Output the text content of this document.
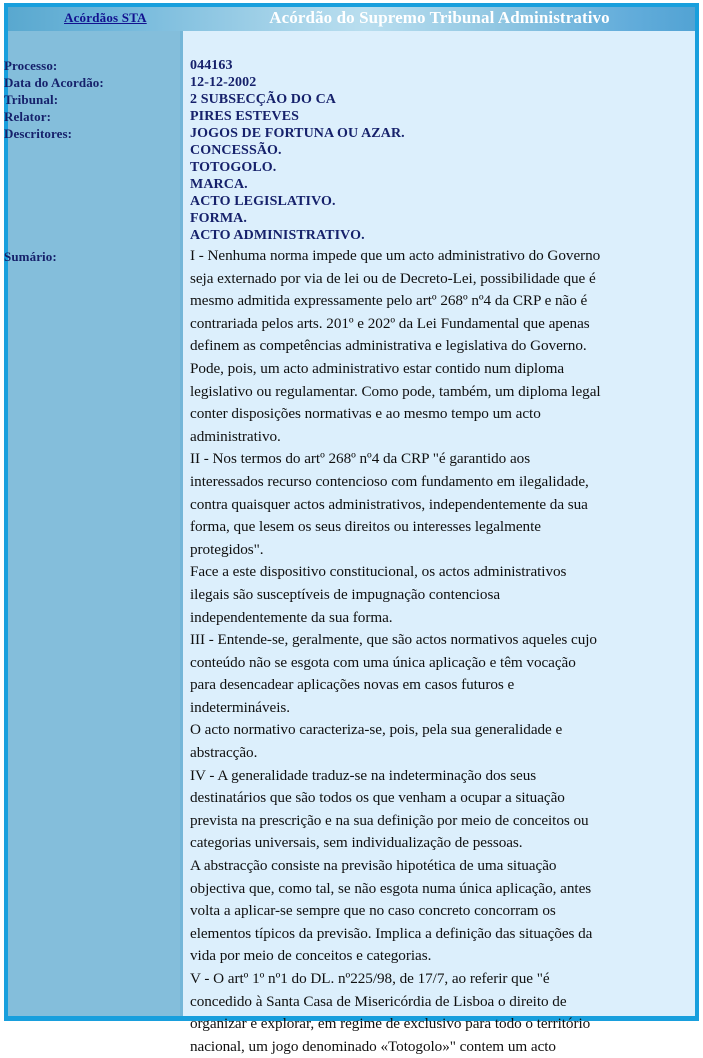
Acórdãos STA	Acórdão do Supremo Tribunal Administrativo
Processo:
Data do Acordão:
Tribunal:
Relator:
Descritores:
Sumário:
044163
12-12-2002
2 SUBSECÇÃO DO CA
PIRES ESTEVES
JOGOS DE FORTUNA OU AZAR.
CONCESSÃO.
TOTOGOLO.
MARCA.
ACTO LEGISLATIVO.
FORMA.
ACTO ADMINISTRATIVO.
I - Nenhuma norma impede que um acto administrativo do Governo
seja externado por via de lei ou de Decreto-Lei, possibilidade que é
mesmo admitida expressamente pelo artº 268º nº4 da CRP e não é
contrariada pelos arts. 201º e 202º da Lei Fundamental que apenas
definem as competências administrativa e legislativa do Governo.
Pode, pois, um acto administrativo estar contido num diploma
legislativo ou regulamentar. Como pode, também, um diploma legal
conter disposições normativas e ao mesmo tempo um acto
administrativo.
II - Nos termos do artº 268º nº4 da CRP "é garantido aos
interessados recurso contencioso com fundamento em ilegalidade,
contra quaisquer actos administrativos, independentemente da sua
forma, que lesem os seus direitos ou interesses legalmente
protegidos".
Face a este dispositivo constitucional, os actos administrativos
ilegais são susceptíveis de impugnação contenciosa
independentemente da sua forma.
III - Entende-se, geralmente, que são actos normativos aqueles cujo
conteúdo não se esgota com uma única aplicação e têm vocação
para desencadear aplicações novas em casos futuros e
indetermináveis.
O acto normativo caracteriza-se, pois, pela sua generalidade e
abstracção.
IV - A generalidade traduz-se na indeterminação dos seus
destinatários que são todos os que venham a ocupar a situação
prevista na prescrição e na sua definição por meio de conceitos ou
categorias universais, sem individualização de pessoas.
A abstracção consiste na previsão hipotética de uma situação
objectiva que, como tal, se não esgota numa única aplicação, antes
volta a aplicar-se sempre que no caso concreto concorram os
elementos típicos da previsão. Implica a definição das situações da
vida por meio de conceitos e categorias.
V - O artº 1º nº1 do DL. nº225/98, de 17/7, ao referir que "é
concedido à Santa Casa de Misericórdia de Lisboa o direito de
organizar e explorar, em regime de exclusivo para todo o território
nacional, um jogo denominado «Totogolo»" contem um acto
